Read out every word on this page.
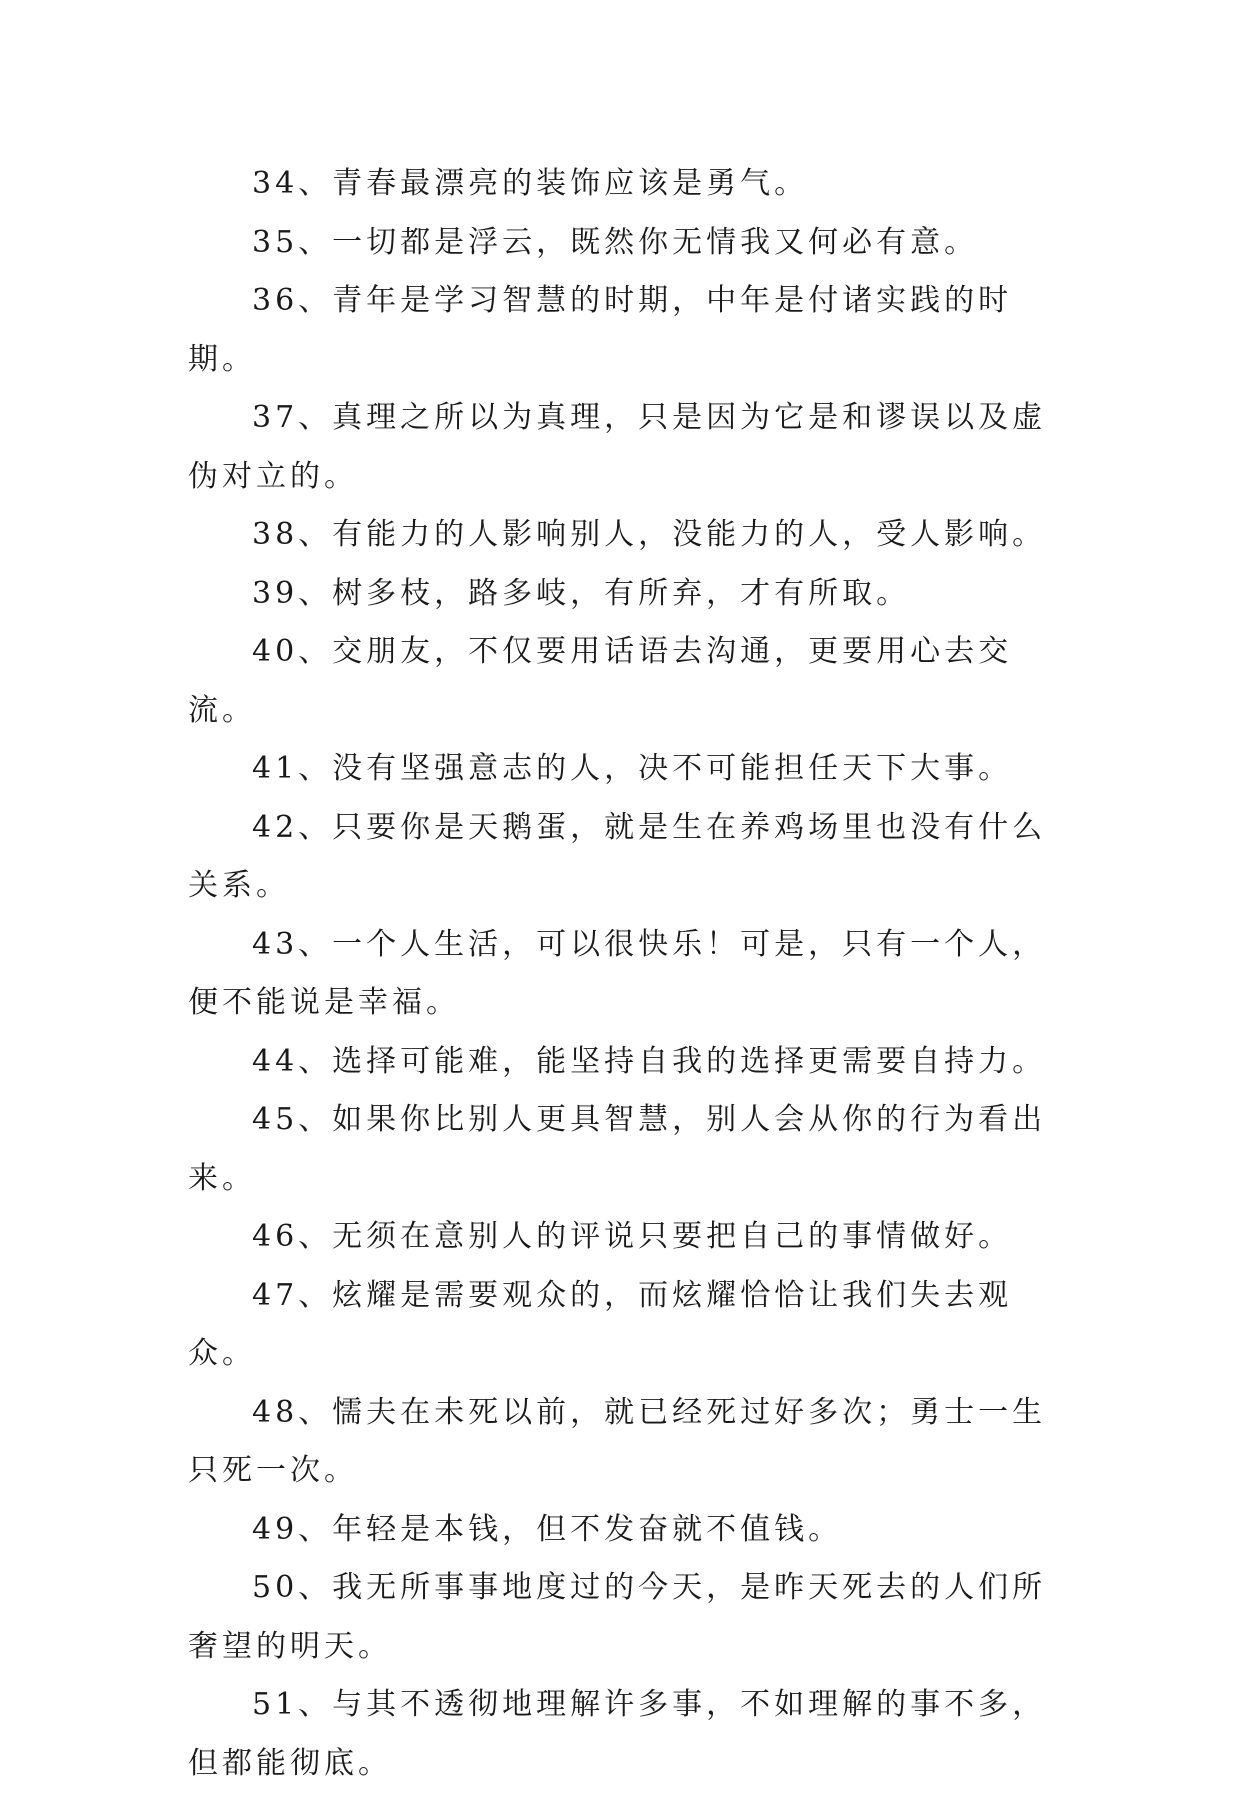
34、青春最漂亮的装饰应该是勇气。

35、一切都是浮云，既然你无情我又何必有意。

36、青年是学习智慧的时期，中年是付诸实践的时期。

37、真理之所以为真理，只是因为它是和谬误以及虚伪对立的。

38、有能力的人影响别人，没能力的人，受人影响。

39、树多枝，路多岐，有所弃，才有所取。

40、交朋友，不仅要用话语去沟通，更要用心去交流。

41、没有坚强意志的人，决不可能担任天下大事。

42、只要你是天鹅蛋，就是生在养鸡场里也没有什么关系。

43、一个人生活，可以很快乐！可是，只有一个人，便不能说是幸福。

44、选择可能难，能坚持自我的选择更需要自持力。

45、如果你比别人更具智慧，别人会从你的行为看出来。

46、无须在意别人的评说只要把自己的事情做好。

47、炫耀是需要观众的，而炫耀恰恰让我们失去观众。

48、懦夫在未死以前，就已经死过好多次；勇士一生只死一次。

49、年轻是本钱，但不发奋就不值钱。

50、我无所事事地度过的今天，是昨天死去的人们所奢望的明天。

51、与其不透彻地理解许多事，不如理解的事不多，但都能彻底。
